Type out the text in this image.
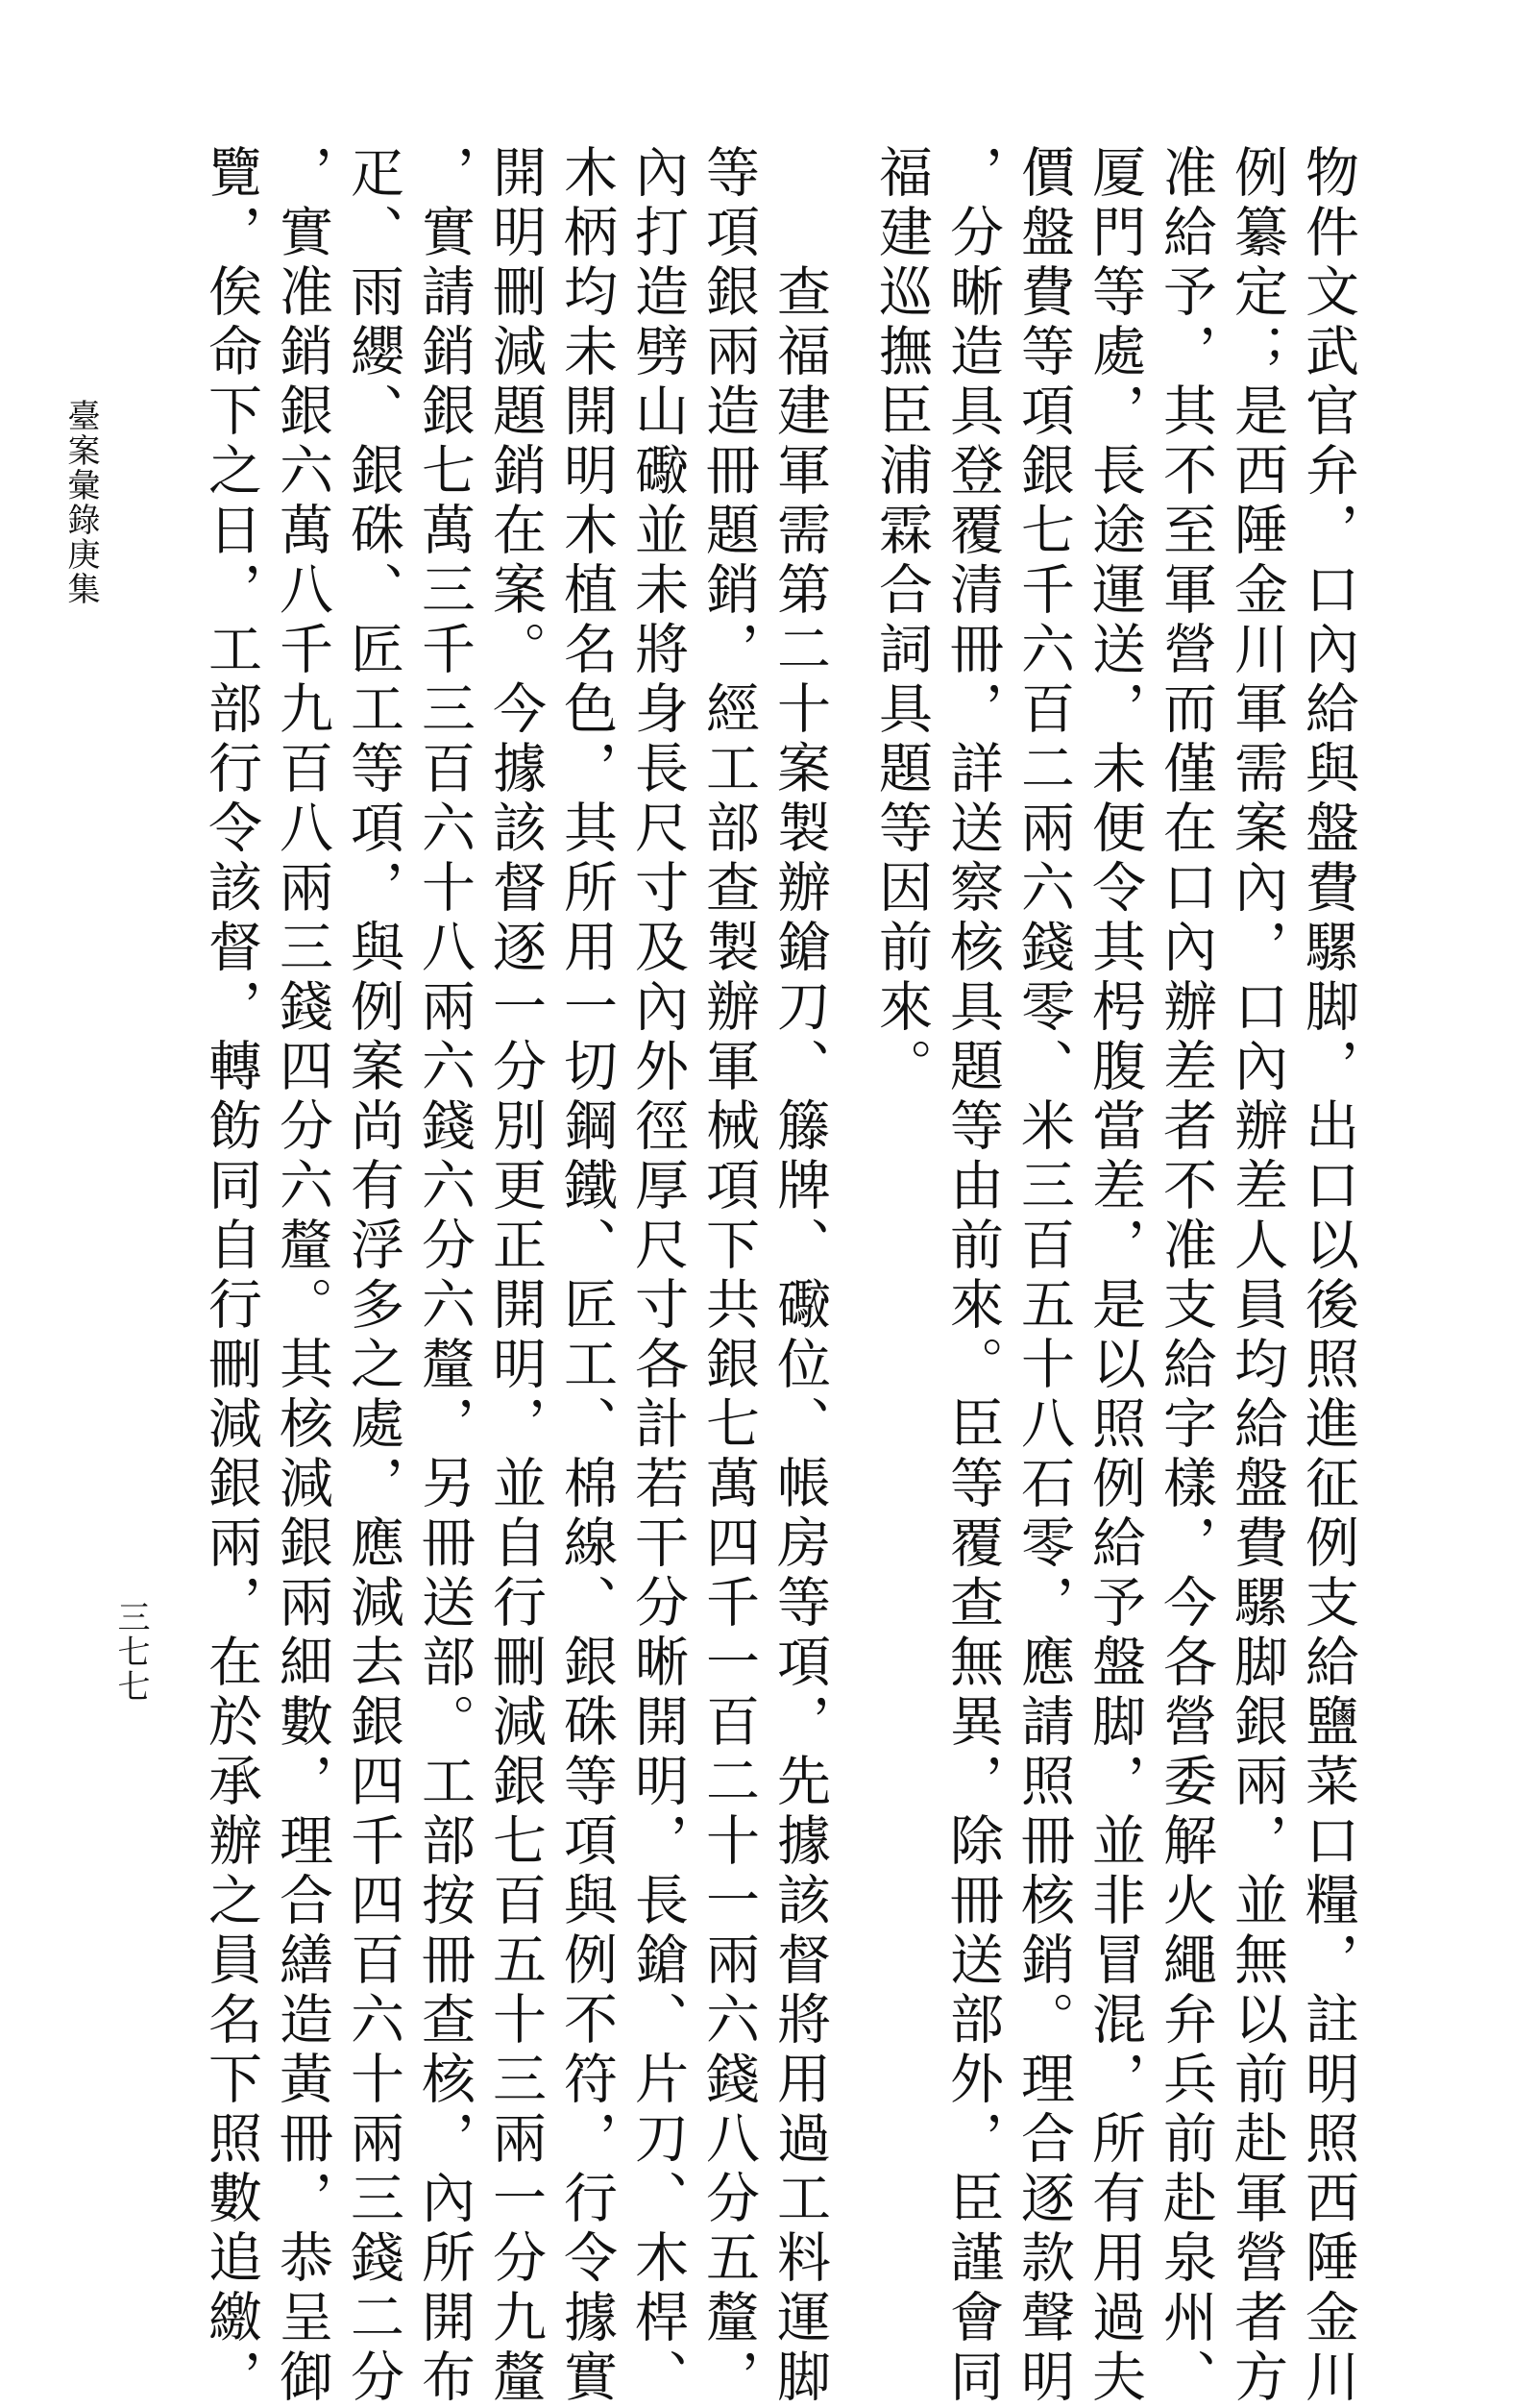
臺案彙錄庚集
三七七	物件文武官弁，口內給與盤費騾脚，出口以後照進征例支給鹽菜口糧，註明照西陲金川
例纂定；是西陲金川軍需案內，口內辦差人員均給盤費騾脚銀兩，並無以前赴軍營者方
准給予，其不至軍營而僅在口內辦差者不准支給字樣，今各營委解火繩弁兵前赴泉州、
厦門等處，長途運送，未便令其枵腹當差，是以照例給予盤脚，並非冒混，所有用過夫
價盤費等項銀七千六百二兩六錢零、米三百五十八石零，應請照冊核銷。理合逐款聲明
，分晰造具登覆清冊，詳送察核具題等由前來。臣等覆查無異，除冊送部外，臣謹會同
福建巡撫臣浦霖合詞具題等因前來。
查福建軍需第二十案製辦鎗刀、籐牌、礮位、帳房等項，先據該督將用過工料運脚
等項銀兩造冊題銷，經工部查製辦軍械項下共銀七萬四千一百二十一兩六錢八分五釐，
內打造劈山礮並未將身長尺寸及內外徑厚尺寸各計若干分晰開明，長鎗、片刀、木桿、
木柄均未開明木植名色，其所用一切鋼鐵、匠工、棉線、銀硃等項與例不符，行令據實
開明刪減題銷在案。今據該督逐一分別更正開明，並自行刪減銀七百五十三兩一分九釐
，實請銷銀七萬三千三百六十八兩六錢六分六釐，另冊送部。工部按冊查核，內所開布
疋、雨纓、銀硃、匠工等項，與例案尚有浮多之處，應減去銀四千四百六十兩三錢二分
，實准銷銀六萬八千九百八兩三錢四分六釐。其核減銀兩細數，理合繕造黃冊，恭呈御
覽，俟命下之日，工部行令該督，轉飭同自行刪減銀兩，在於承辦之員名下照數追繳，
